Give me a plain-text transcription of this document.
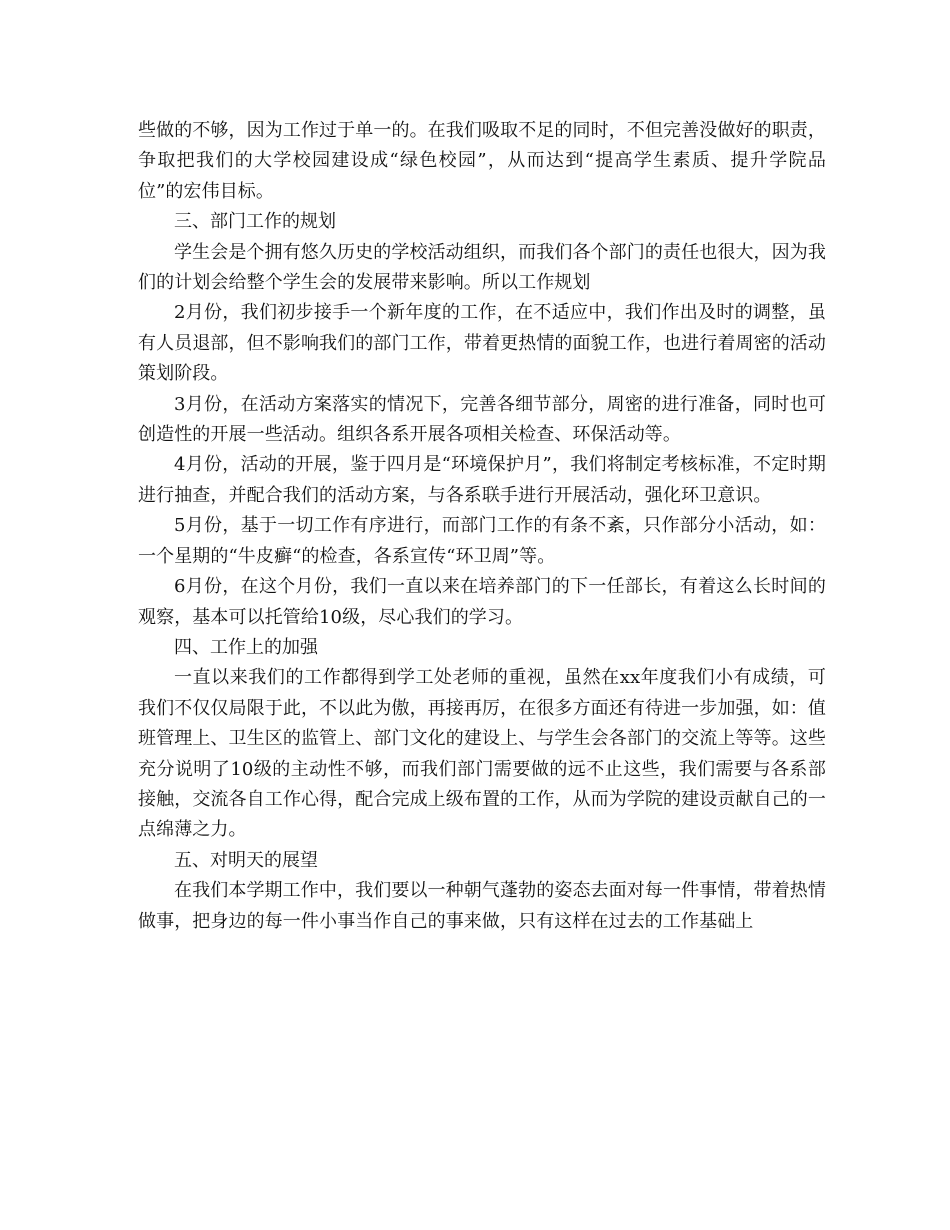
些做的不够，因为工作过于单一的。在我们吸取不足的同时，不但完善没做好的职责，争取把我们的大学校园建设成“绿色校园”，从而达到“提高学生素质、提升学院品位”的宏伟目标。

三、部门工作的规划

学生会是个拥有悠久历史的学校活动组织，而我们各个部门的责任也很大，因为我们的计划会给整个学生会的发展带来影响。所以工作规划

2月份，我们初步接手一个新年度的工作，在不适应中，我们作出及时的调整，虽有人员退部，但不影响我们的部门工作，带着更热情的面貌工作，也进行着周密的活动策划阶段。

3月份，在活动方案落实的情况下，完善各细节部分，周密的进行准备，同时也可创造性的开展一些活动。组织各系开展各项相关检查、环保活动等。

4月份，活动的开展，鉴于四月是“环境保护月”，我们将制定考核标准，不定时期进行抽查，并配合我们的活动方案，与各系联手进行开展活动，强化环卫意识。

5月份，基于一切工作有序进行，而部门工作的有条不紊，只作部分小活动，如：一个星期的“牛皮癣“的检查，各系宣传“环卫周”等。

6月份，在这个月份，我们一直以来在培养部门的下一任部长，有着这么长时间的观察，基本可以托管给10级，尽心我们的学习。

四、工作上的加强

一直以来我们的工作都得到学工处老师的重视，虽然在xx年度我们小有成绩，可我们不仅仅局限于此，不以此为傲，再接再厉，在很多方面还有待进一步加强，如：值班管理上、卫生区的监管上、部门文化的建设上、与学生会各部门的交流上等等。这些充分说明了10级的主动性不够，而我们部门需要做的远不止这些，我们需要与各系部接触，交流各自工作心得，配合完成上级布置的工作，从而为学院的建设贡献自己的一点绵薄之力。

五、对明天的展望

在我们本学期工作中，我们要以一种朝气蓬勃的姿态去面对每一件事情，带着热情做事，把身边的每一件小事当作自己的事来做，只有这样在过去的工作基础上
